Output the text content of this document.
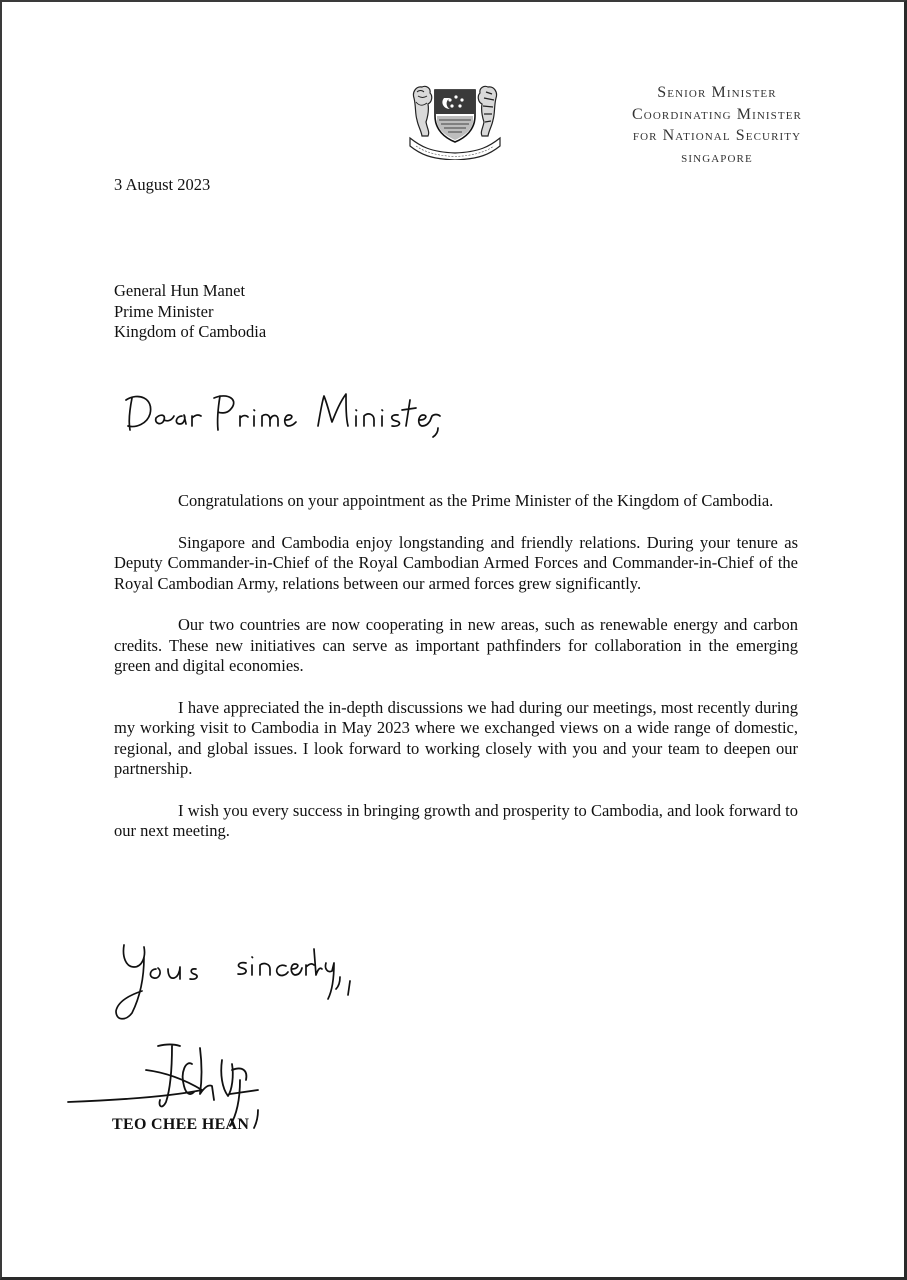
Senior Minister
Coordinating Minister
for National Security
singapore
3 August 2023
General Hun Manet
Prime Minister
Kingdom of Cambodia

Congratulations on your appointment as the Prime Minister of the Kingdom of Cambodia.

Singapore and Cambodia enjoy longstanding and friendly relations. During your tenure as Deputy Commander-in-Chief of the Royal Cambodian Armed Forces and Commander-in-Chief of the Royal Cambodian Army, relations between our armed forces grew significantly.

Our two countries are now cooperating in new areas, such as renewable energy and carbon credits. These new initiatives can serve as important pathfinders for collaboration in the emerging green and digital economies.

I have appreciated the in-depth discussions we had during our meetings, most recently during my working visit to Cambodia in May 2023 where we exchanged views on a wide range of domestic, regional, and global issues. I look forward to working closely with you and your team to deepen our partnership.

I wish you every success in bringing growth and prosperity to Cambodia, and look forward to our next meeting.

TEO CHEE HEAN
